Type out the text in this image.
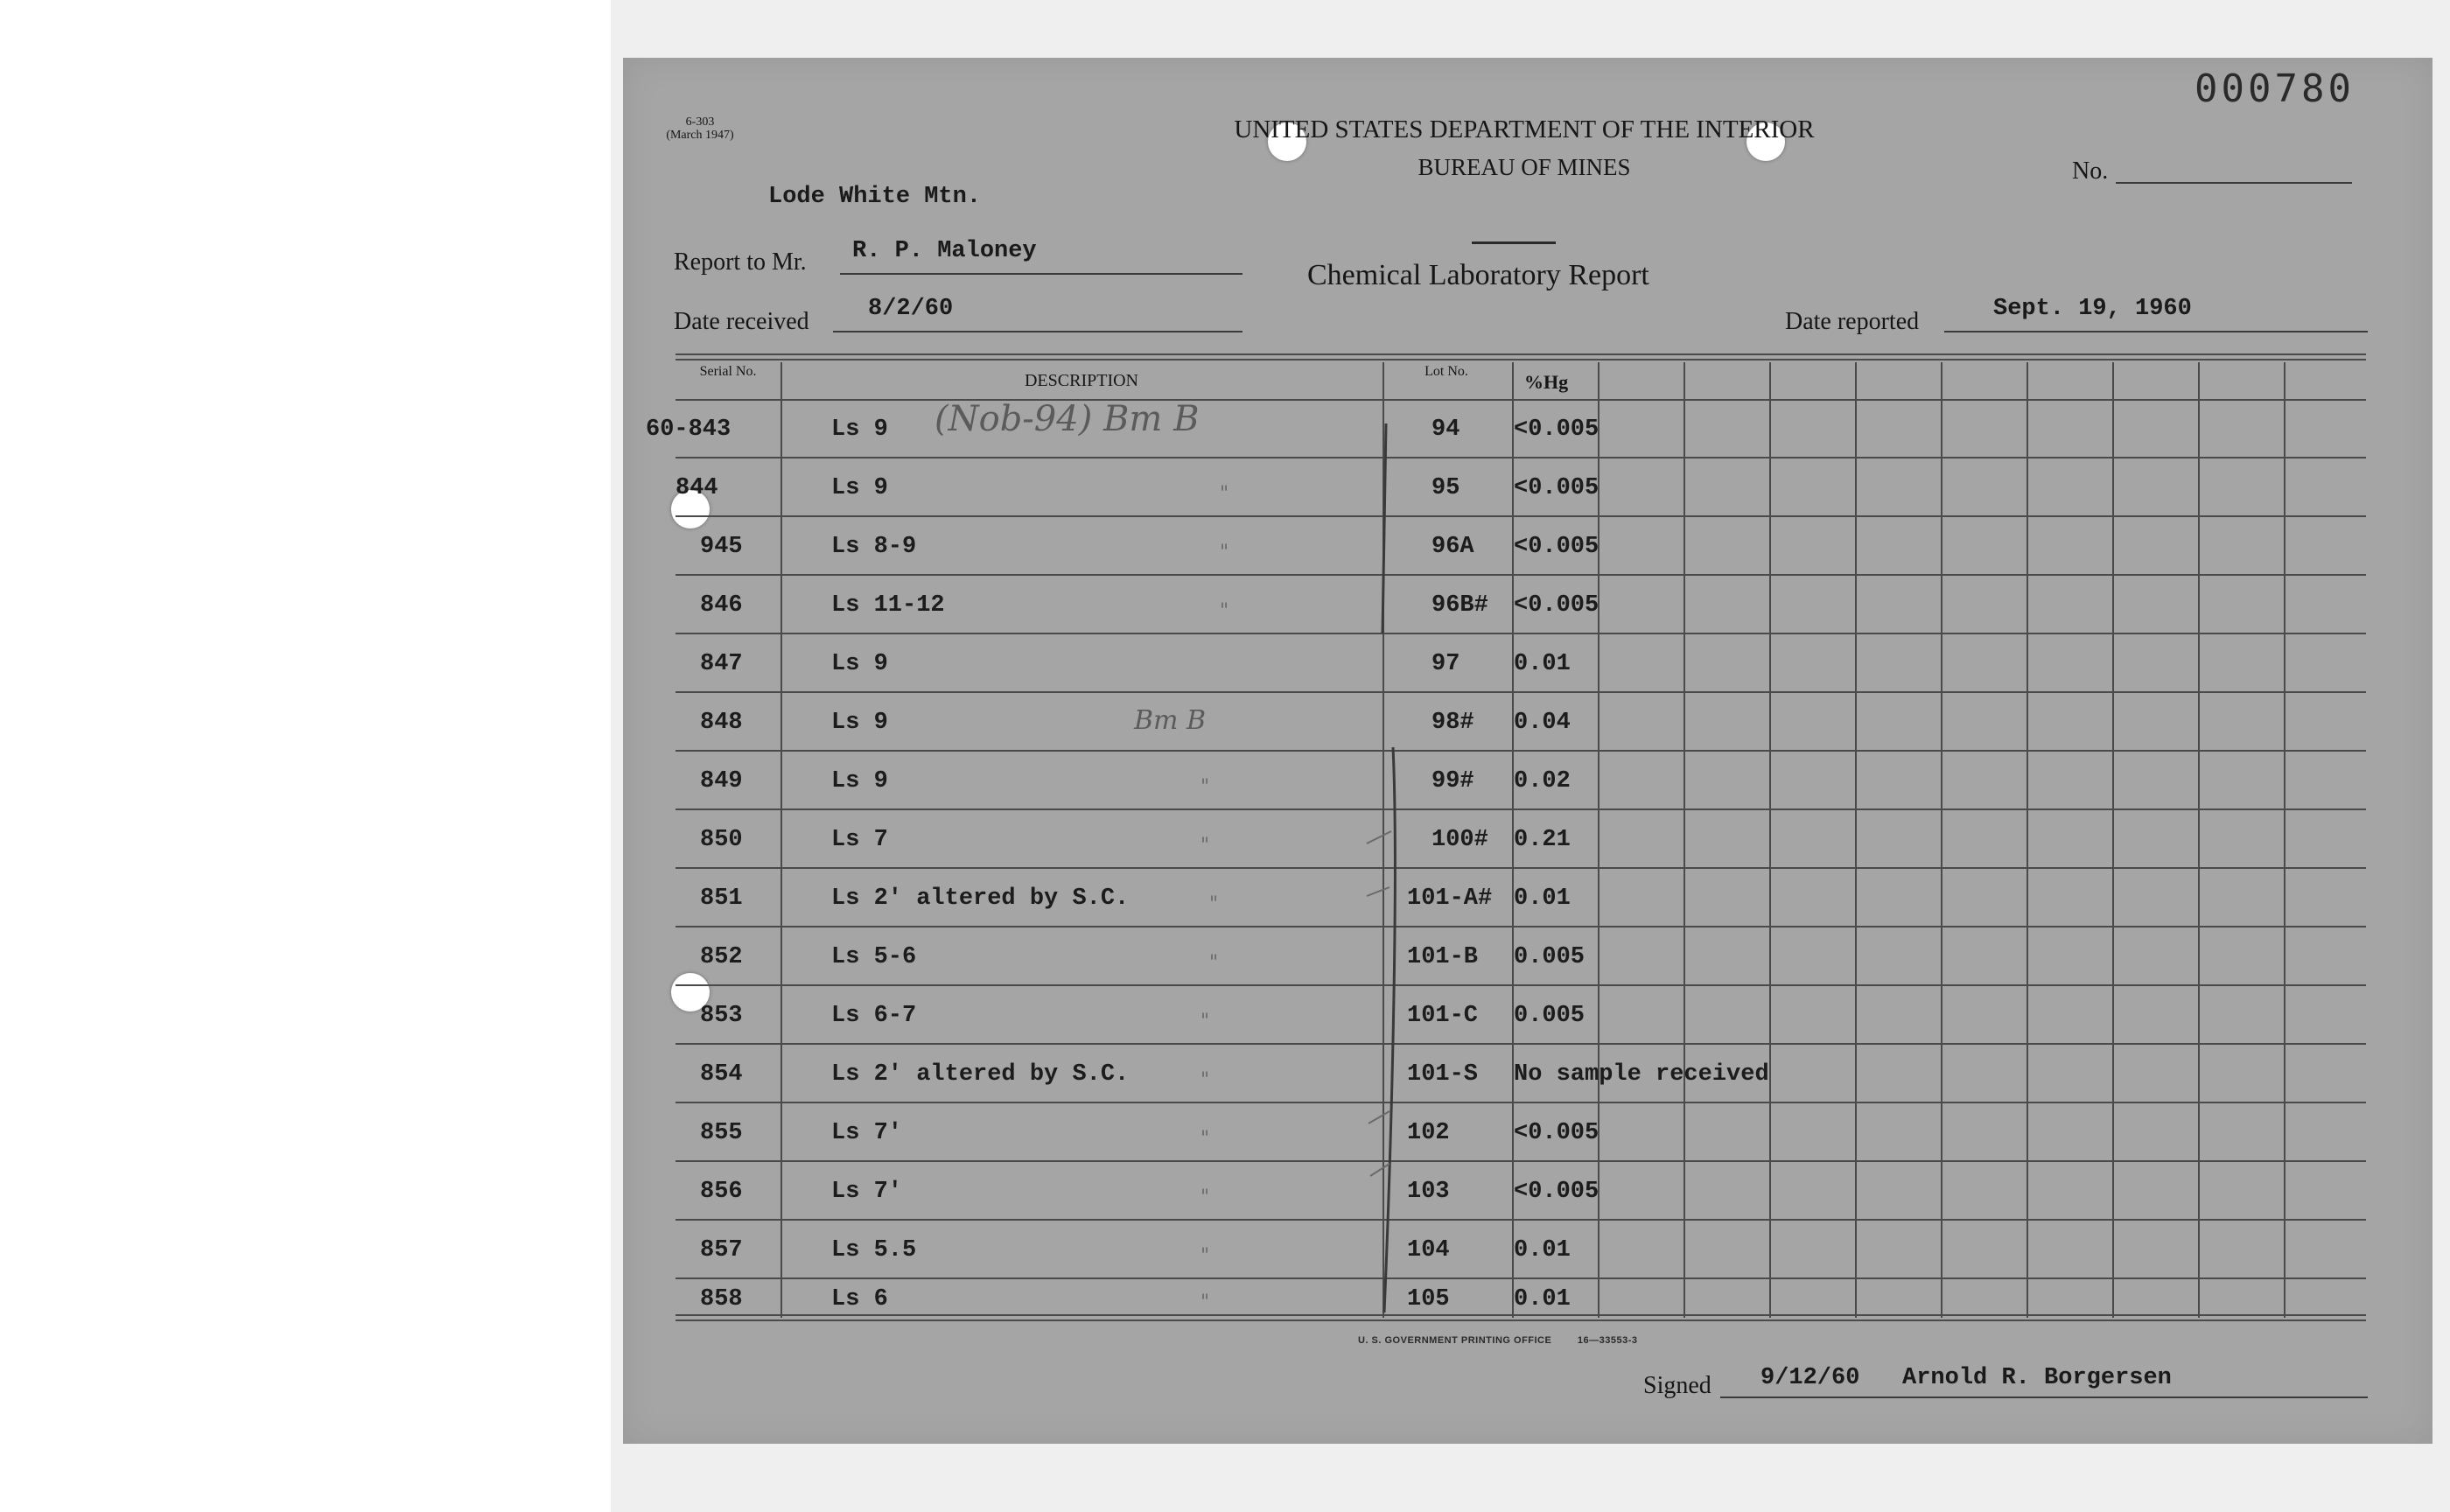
6-303
(March 1947)
000780
UNITED STATES DEPARTMENT OF THE INTERIOR
BUREAU OF MINES	No.
Lode White Mtn.
Report to Mr. R. P. Maloney
Chemical Laboratory Report
Date received 8/2/60	Date reported	Sept. 19, 1960
Serial No.	DESCRIPTION	Lot No.	%Hg
60-843	Ls 9	94 <0.005
(Nob-94) Bm B
844	Ls 9	95 <0.005
"
945	Ls 8-9	96A <0.005
"
846	Ls 11-12	96B# <0.005
"
847	Ls 9	97 0.01
848	Ls 9	98# 0.04
Bm B
849	Ls 9	99# 0.02
"
850	Ls 7	100# 0.21
"
851	Ls 2' altered by S.C.	101-A# 0.01
"
852	Ls 5-6	101-B 0.005
"
853	Ls 6-7	101-C 0.005
"
854	Ls 2' altered by S.C.	101-S No sample received
"
855	Ls 7'	102	<0.005
"
856	Ls 7'	103	<0.005
"
857	Ls 5.5	104	0.01
"
858	Ls 6	105	0.01
"
U. S. GOVERNMENT PRINTING OFFICE	16—33553-3
Signed 9/12/60   Arnold R. Borgersen
